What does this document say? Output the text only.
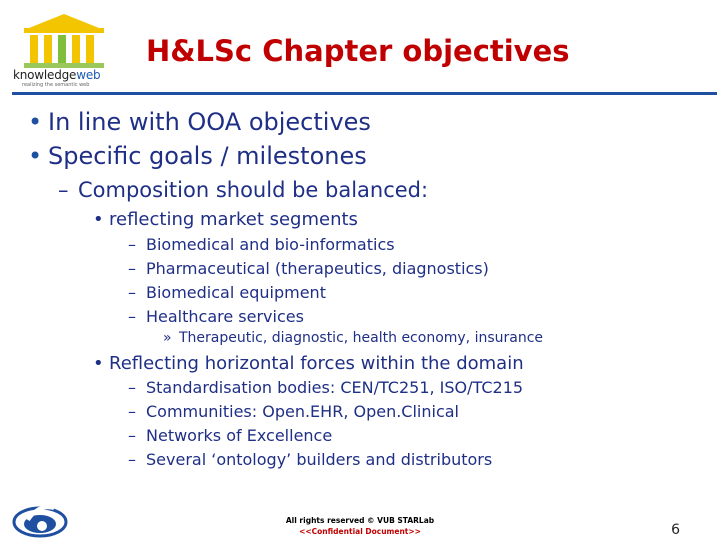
knowledgeweb
realizing the semantic web
H&LSc Chapter objectives
• In line with OOA objectives
• Specific goals / milestones
– Composition should be balanced:
• reflecting market segments
– Biomedical and bio-informatics
– Pharmaceutical (therapeutics, diagnostics)
– Biomedical equipment
– Healthcare services
» Therapeutic, diagnostic, health economy, insurance
• Reflecting horizontal forces within the domain
– Standardisation bodies: CEN/TC251, ISO/TC215
– Communities: Open.EHR, Open.Clinical
– Networks of Excellence
– Several ‘ontology’ builders and distributors
All rights reserved © VUB STARLab
<<Confidential Document>>	6
